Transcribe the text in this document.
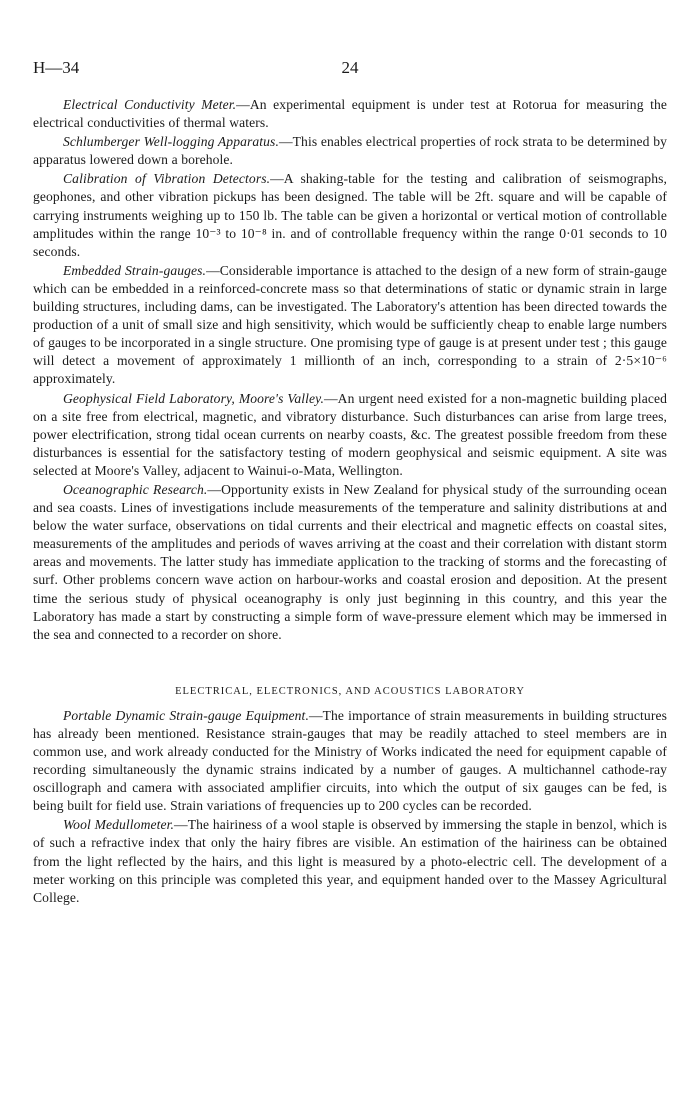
H—34	24

Electrical Conductivity Meter.—An experimental equipment is under test at Rotorua for measuring the electrical conductivities of thermal waters.

Schlumberger Well-logging Apparatus.—This enables electrical properties of rock strata to be determined by apparatus lowered down a borehole.

Calibration of Vibration Detectors.—A shaking-table for the testing and calibration of seismographs, geophones, and other vibration pickups has been designed. The table will be 2ft. square and will be capable of carrying instruments weighing up to 150 lb. The table can be given a horizontal or vertical motion of controllable amplitudes within the range 10⁻³ to 10⁻⁸ in. and of controllable frequency within the range 0·01 seconds to 10 seconds.

Embedded Strain-gauges.—Considerable importance is attached to the design of a new form of strain-gauge which can be embedded in a reinforced-concrete mass so that determinations of static or dynamic strain in large building structures, including dams, can be investigated. The Laboratory's attention has been directed towards the production of a unit of small size and high sensitivity, which would be sufficiently cheap to enable large numbers of gauges to be incorporated in a single structure. One promising type of gauge is at present under test ; this gauge will detect a movement of approximately 1 millionth of an inch, corresponding to a strain of 2·5×10⁻⁶ approximately.

Geophysical Field Laboratory, Moore's Valley.—An urgent need existed for a non-magnetic building placed on a site free from electrical, magnetic, and vibratory disturbance. Such disturbances can arise from large trees, power electrification, strong tidal ocean currents on nearby coasts, &c. The greatest possible freedom from these disturbances is essential for the satisfactory testing of modern geophysical and seismic equipment. A site was selected at Moore's Valley, adjacent to Wainui-o-Mata, Wellington.

Oceanographic Research.—Opportunity exists in New Zealand for physical study of the surrounding ocean and sea coasts. Lines of investigations include measurements of the temperature and salinity distributions at and below the water surface, observations on tidal currents and their electrical and magnetic effects on coastal sites, measurements of the amplitudes and periods of waves arriving at the coast and their correlation with distant storm areas and movements. The latter study has immediate application to the tracking of storms and the forecasting of surf. Other problems concern wave action on harbour-works and coastal erosion and deposition. At the present time the serious study of physical oceanography is only just beginning in this country, and this year the Laboratory has made a start by constructing a simple form of wave-pressure element which may be immersed in the sea and connected to a recorder on shore.

ELECTRICAL, ELECTRONICS, AND ACOUSTICS LABORATORY

Portable Dynamic Strain-gauge Equipment.—The importance of strain measurements in building structures has already been mentioned. Resistance strain-gauges that may be readily attached to steel members are in common use, and work already conducted for the Ministry of Works indicated the need for equipment capable of recording simultaneously the dynamic strains indicated by a number of gauges. A multichannel cathode-ray oscillograph and camera with associated amplifier circuits, into which the output of six gauges can be fed, is being built for field use. Strain variations of frequencies up to 200 cycles can be recorded.

Wool Medullometer.—The hairiness of a wool staple is observed by immersing the staple in benzol, which is of such a refractive index that only the hairy fibres are visible. An estimation of the hairiness can be obtained from the light reflected by the hairs, and this light is measured by a photo-electric cell. The development of a meter working on this principle was completed this year, and equipment handed over to the Massey Agricultural College.
